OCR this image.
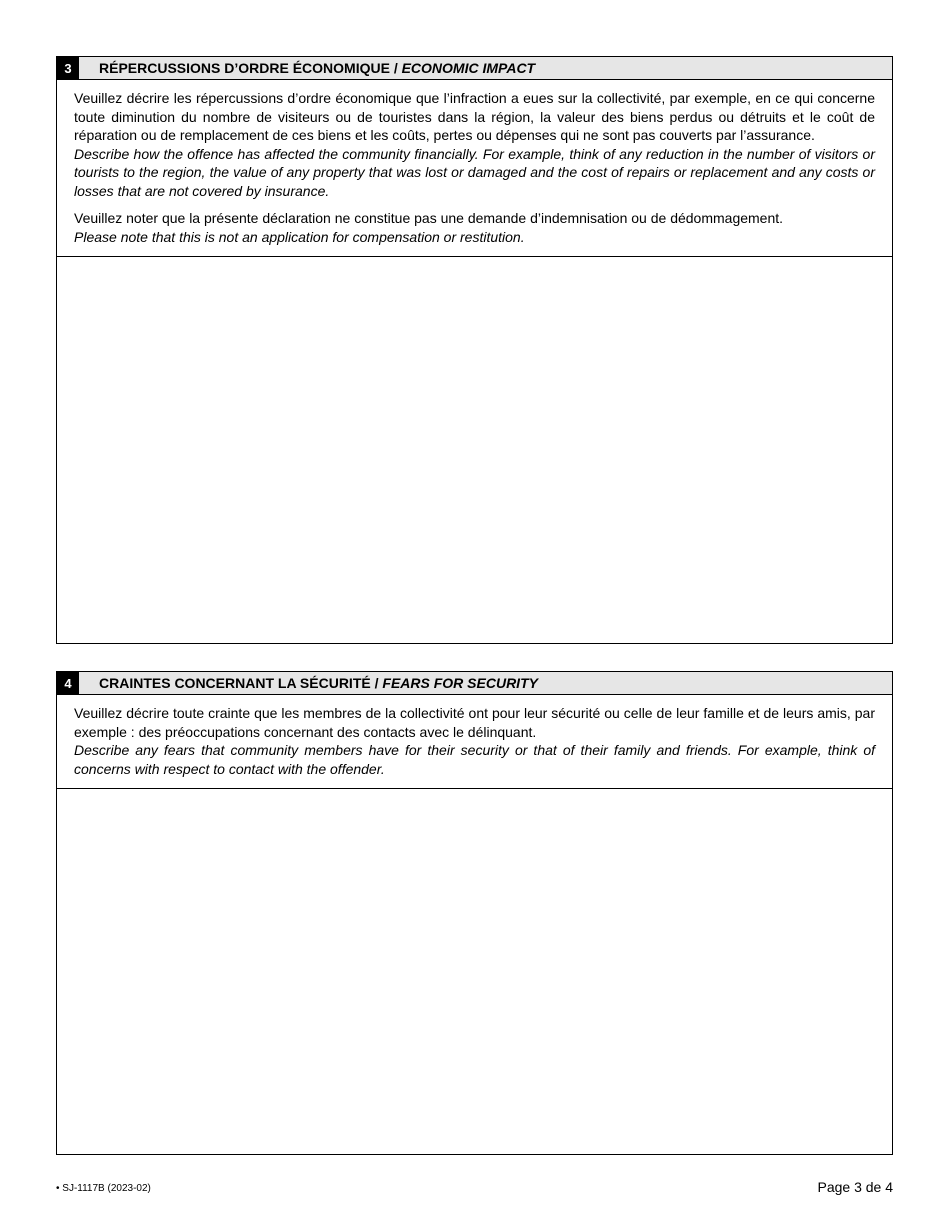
3	RÉPERCUSSIONS D’ORDRE ÉCONOMIQUE / ECONOMIC IMPACT

Veuillez décrire les répercussions d’ordre économique que l’infraction a eues sur la collectivité, par exemple, en ce qui concerne toute diminution du nombre de visiteurs ou de touristes dans la région, la valeur des biens perdus ou détruits et le coût de réparation ou de remplacement de ces biens et les coûts, pertes ou dépenses qui ne sont pas couverts par l’assurance.

Describe how the offence has affected the community financially. For example, think of any reduction in the number of visitors or tourists to the region, the value of any property that was lost or damaged and the cost of repairs or replacement and any costs or losses that are not covered by insurance.

Veuillez noter que la présente déclaration ne constitue pas une demande d’indemnisation ou de dédommagement.

Please note that this is not an application for compensation or restitution.

4	CRAINTES CONCERNANT LA SÉCURITÉ / FEARS FOR SECURITY

Veuillez décrire toute crainte que les membres de la collectivité ont pour leur sécurité ou celle de leur famille et de leurs amis, par exemple : des préoccupations concernant des contacts avec le délinquant.

Describe any fears that community members have for their security or that of their family and friends. For example, think of concerns with respect to contact with the offender.

• SJ-1117B (2023-02)	Page 3 de 4
